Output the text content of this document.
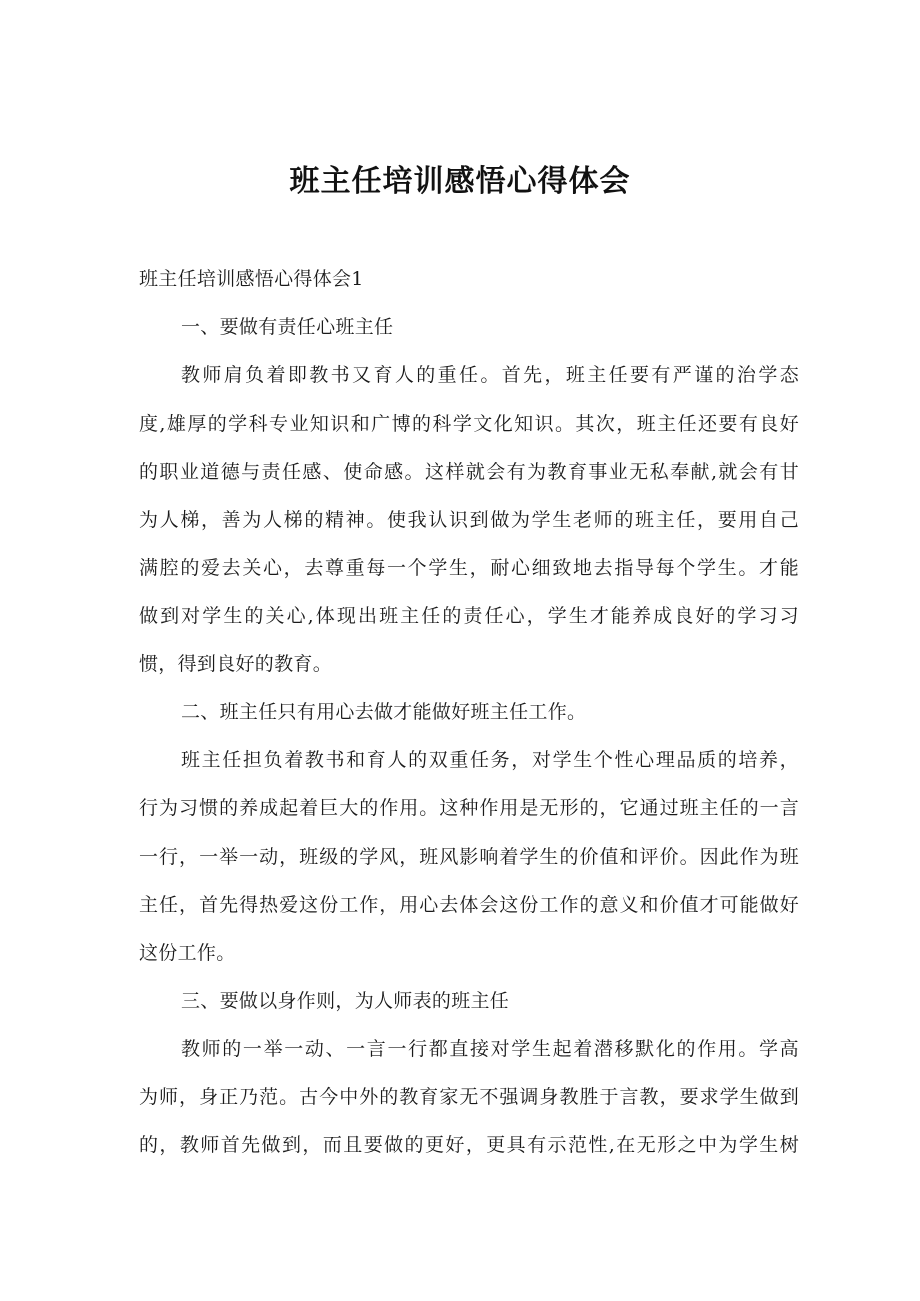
班主任培训感悟心得体会

班主任培训感悟心得体会1

一、要做有责任心班主任

教师肩负着即教书又育人的重任。首先，班主任要有严谨的治学态

度,雄厚的学科专业知识和广博的科学文化知识。其次，班主任还要有良好

的职业道德与责任感、使命感。这样就会有为教育事业无私奉献,就会有甘

为人梯，善为人梯的精神。使我认识到做为学生老师的班主任，要用自己

满腔的爱去关心，去尊重每一个学生，耐心细致地去指导每个学生。才能

做到对学生的关心,体现出班主任的责任心，学生才能养成良好的学习习

惯，得到良好的教育。

二、班主任只有用心去做才能做好班主任工作。

班主任担负着教书和育人的双重任务，对学生个性心理品质的培养，

行为习惯的养成起着巨大的作用。这种作用是无形的，它通过班主任的一言

一行，一举一动，班级的学风，班风影响着学生的价值和评价。因此作为班

主任，首先得热爱这份工作，用心去体会这份工作的意义和价值才可能做好

这份工作。

三、要做以身作则，为人师表的班主任

教师的一举一动、一言一行都直接对学生起着潜移默化的作用。学高

为师，身正乃范。古今中外的教育家无不强调身教胜于言教，要求学生做到

的，教师首先做到，而且要做的更好，更具有示范性,在无形之中为学生树
